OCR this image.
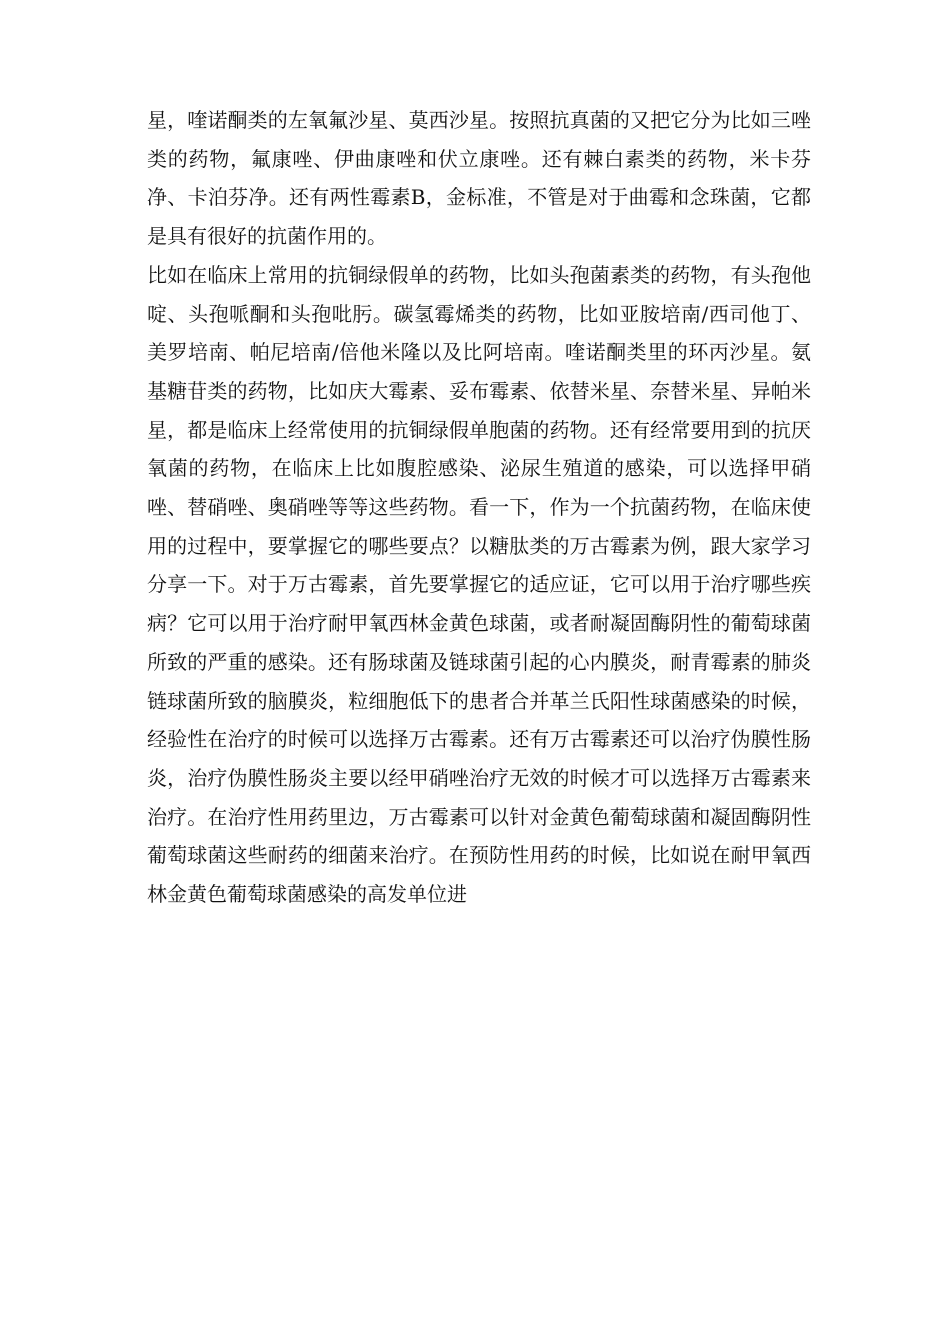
星，喹诺酮类的左氧氟沙星、莫西沙星。按照抗真菌的又把它分为比如三唑类的药物，氟康唑、伊曲康唑和伏立康唑。还有棘白素类的药物，米卡芬净、卡泊芬净。还有两性霉素B，金标准，不管是对于曲霉和念珠菌，它都是具有很好的抗菌作用的。

比如在临床上常用的抗铜绿假单的药物，比如头孢菌素类的药物，有头孢他啶、头孢哌酮和头孢吡肟。碳氢霉烯类的药物，比如亚胺培南/西司他丁、美罗培南、帕尼培南/倍他米隆以及比阿培南。喹诺酮类里的环丙沙星。氨基糖苷类的药物，比如庆大霉素、妥布霉素、依替米星、奈替米星、异帕米星，都是临床上经常使用的抗铜绿假单胞菌的药物。还有经常要用到的抗厌氧菌的药物，在临床上比如腹腔感染、泌尿生殖道的感染，可以选择甲硝唑、替硝唑、奥硝唑等等这些药物。看一下，作为一个抗菌药物，在临床使用的过程中，要掌握它的哪些要点？以糖肽类的万古霉素为例，跟大家学习分享一下。对于万古霉素，首先要掌握它的适应证，它可以用于治疗哪些疾病？它可以用于治疗耐甲氧西林金黄色球菌，或者耐凝固酶阴性的葡萄球菌所致的严重的感染。还有肠球菌及链球菌引起的心内膜炎，耐青霉素的肺炎链球菌所致的脑膜炎，粒细胞低下的患者合并革兰氏阳性球菌感染的时候，经验性在治疗的时候可以选择万古霉素。还有万古霉素还可以治疗伪膜性肠炎，治疗伪膜性肠炎主要以经甲硝唑治疗无效的时候才可以选择万古霉素来治疗。在治疗性用药里边，万古霉素可以针对金黄色葡萄球菌和凝固酶阴性葡萄球菌这些耐药的细菌来治疗。在预防性用药的时候，比如说在耐甲氧西林金黄色葡萄球菌感染的高发单位进
